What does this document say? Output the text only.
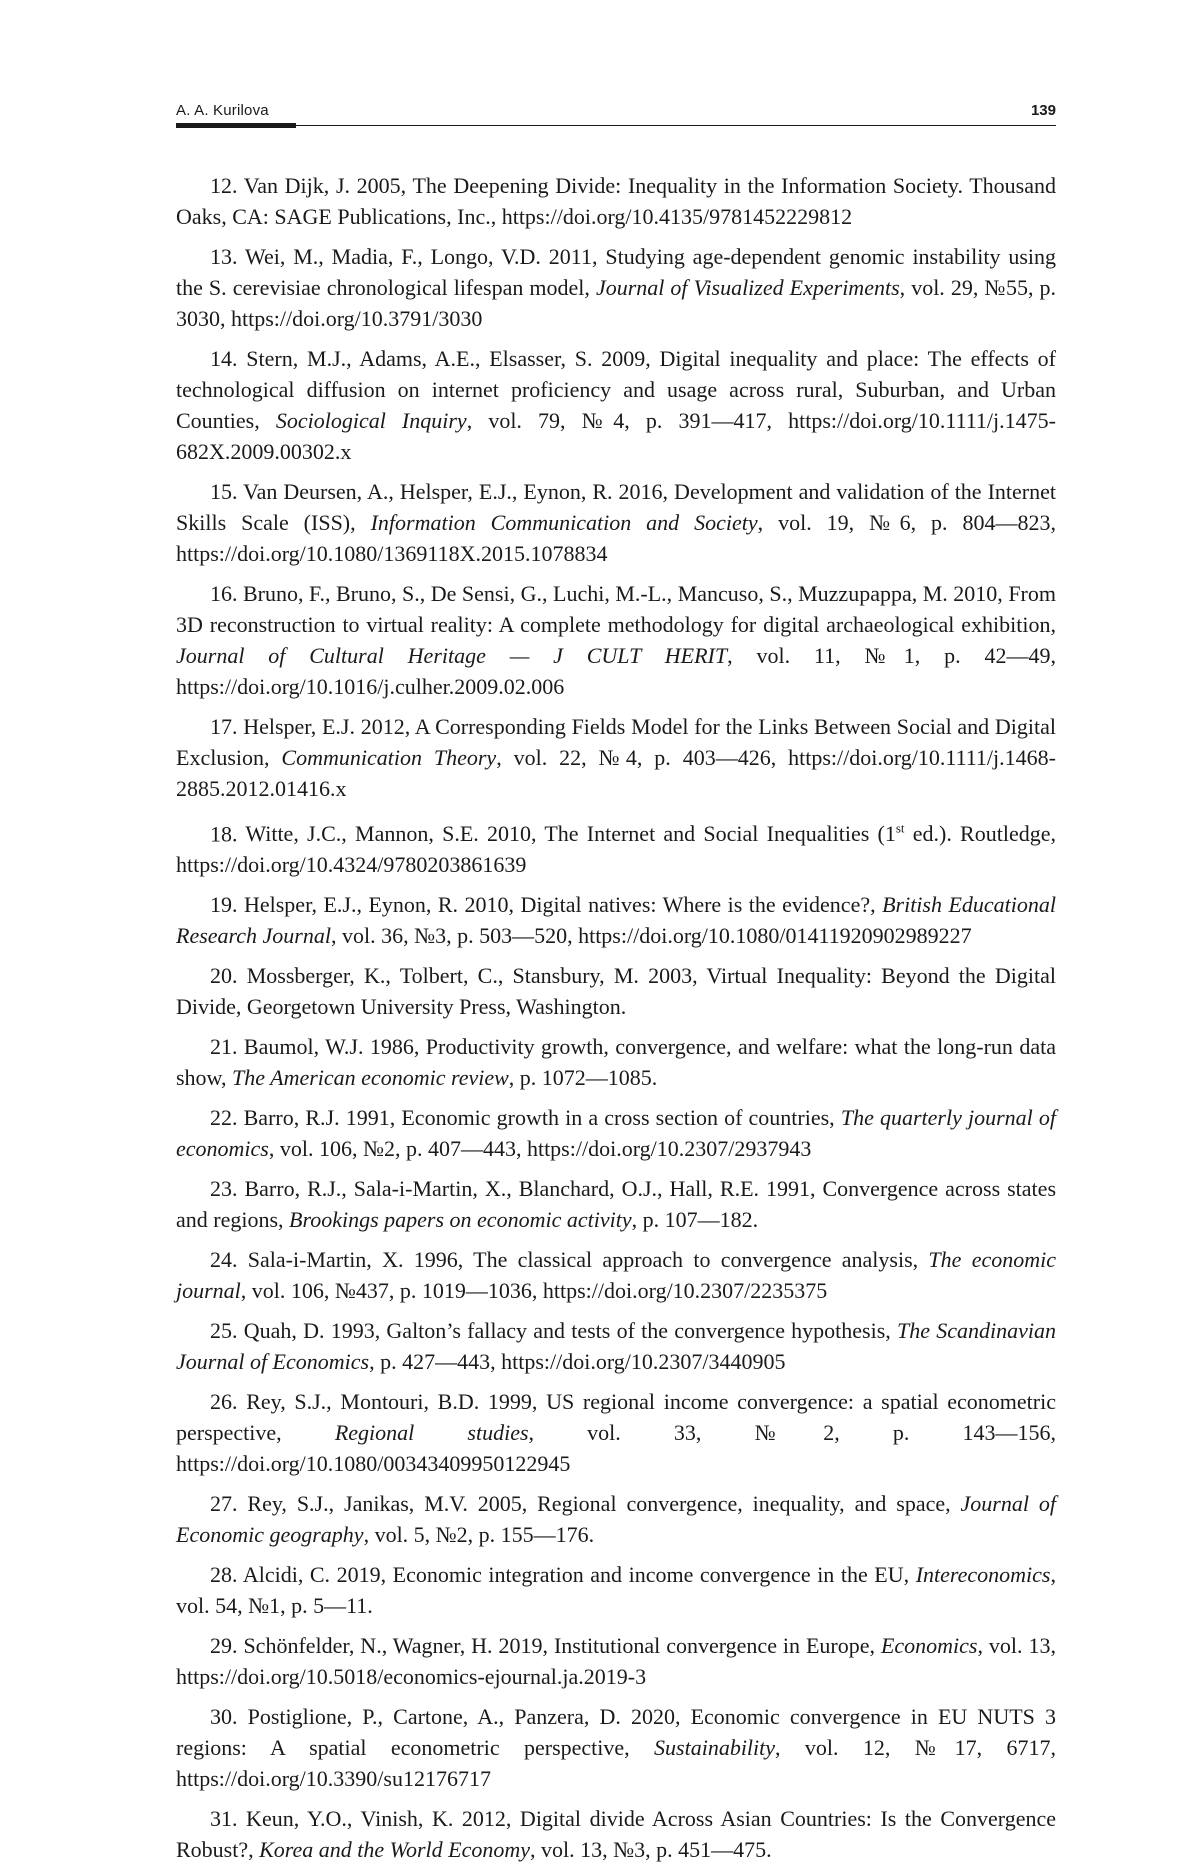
A. A. Kurilova	139
12. Van Dijk, J. 2005, The Deepening Divide: Inequality in the Information Society. Thousand Oaks, CA: SAGE Publications, Inc., https://doi.org/10.4135/9781452229812
13. Wei, M., Madia, F., Longo, V.D. 2011, Studying age-dependent genomic instability using the S. cerevisiae chronological lifespan model, Journal of Visualized Experiments, vol. 29, №55, p. 3030, https://doi.org/10.3791/3030
14. Stern, M.J., Adams, A.E., Elsasser, S. 2009, Digital inequality and place: The effects of technological diffusion on internet proficiency and usage across rural, Suburban, and Urban Counties, Sociological Inquiry, vol. 79, №4, p. 391—417, https://doi.org/10.1111/j.1475-682X.2009.00302.x
15. Van Deursen, A., Helsper, E.J., Eynon, R. 2016, Development and validation of the Internet Skills Scale (ISS), Information Communication and Society, vol. 19, №6, p. 804—823, https://doi.org/10.1080/1369118X.2015.1078834
16. Bruno, F., Bruno, S., De Sensi, G., Luchi, M.-L., Mancuso, S., Muzzupappa, M. 2010, From 3D reconstruction to virtual reality: A complete methodology for digital archaeological exhibition, Journal of Cultural Heritage — J CULT HERIT, vol. 11, №1, p. 42—49, https://doi.org/10.1016/j.culher.2009.02.006
17. Helsper, E.J. 2012, A Corresponding Fields Model for the Links Between Social and Digital Exclusion, Communication Theory, vol. 22, №4, p. 403—426, https://doi.org/10.1111/j.1468-2885.2012.01416.x
18. Witte, J.C., Mannon, S.E. 2010, The Internet and Social Inequalities (1st ed.). Routledge, https://doi.org/10.4324/9780203861639
19. Helsper, E.J., Eynon, R. 2010, Digital natives: Where is the evidence?, British Educational Research Journal, vol. 36, №3, p. 503—520, https://doi.org/10.1080/01411920902989227
20. Mossberger, K., Tolbert, C., Stansbury, M. 2003, Virtual Inequality: Beyond the Digital Divide, Georgetown University Press, Washington.
21. Baumol, W.J. 1986, Productivity growth, convergence, and welfare: what the long-run data show, The American economic review, p. 1072—1085.
22. Barro, R.J. 1991, Economic growth in a cross section of countries, The quarterly journal of economics, vol. 106, №2, p. 407—443, https://doi.org/10.2307/2937943
23. Barro, R.J., Sala-i-Martin, X., Blanchard, O.J., Hall, R.E. 1991, Convergence across states and regions, Brookings papers on economic activity, p. 107—182.
24. Sala-i-Martin, X. 1996, The classical approach to convergence analysis, The economic journal, vol. 106, №437, p. 1019—1036, https://doi.org/10.2307/2235375
25. Quah, D. 1993, Galton’s fallacy and tests of the convergence hypothesis, The Scandinavian Journal of Economics, p. 427—443, https://doi.org/10.2307/3440905
26. Rey, S.J., Montouri, B.D. 1999, US regional income convergence: a spatial econometric perspective, Regional studies, vol. 33, №2, p. 143—156, https://doi.org/10.1080/00343409950122945
27. Rey, S.J., Janikas, M.V. 2005, Regional convergence, inequality, and space, Journal of Economic geography, vol. 5, №2, p. 155—176.
28. Alcidi, C. 2019, Economic integration and income convergence in the EU, Intereconomics, vol. 54, №1, p. 5—11.
29. Schönfelder, N., Wagner, H. 2019, Institutional convergence in Europe, Economics, vol. 13, https://doi.org/10.5018/economics-ejournal.ja.2019-3
30. Postiglione, P., Cartone, A., Panzera, D. 2020, Economic convergence in EU NUTS 3 regions: A spatial econometric perspective, Sustainability, vol. 12, №17, 6717, https://doi.org/10.3390/su12176717
31. Keun, Y.O., Vinish, K. 2012, Digital divide Across Asian Countries: Is the Convergence Robust?, Korea and the World Economy, vol. 13, №3, p. 451—475.
